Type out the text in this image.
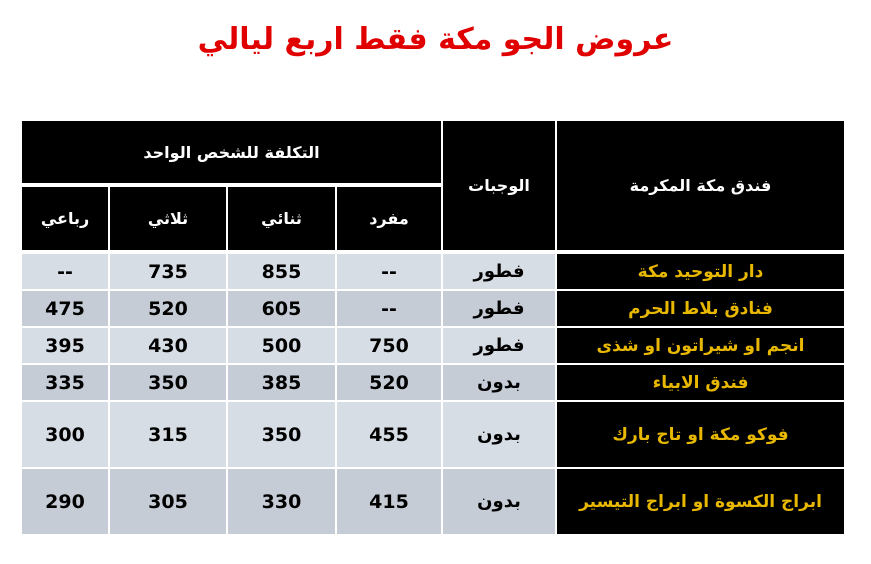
عروض الجو مكة فقط اربع ليالي
فندق مكة المكرمة
الوجبات
التكلفة للشخص الواحد
مفرد
ثنائي
ثلاثي
رباعي
دار التوحيد مكة
فطور
--
855
735
--
فنادق بلاط الحرم
فطور
--
605
520
475
انجم او شيراتون او شذى
فطور
750
500
430
395
فندق الابياء
بدون
520
385
350
335
فوكو مكة او تاج بارك
بدون
455
350
315
300
ابراج الكسوة او ابراج التيسير
بدون
415
330
305
290
